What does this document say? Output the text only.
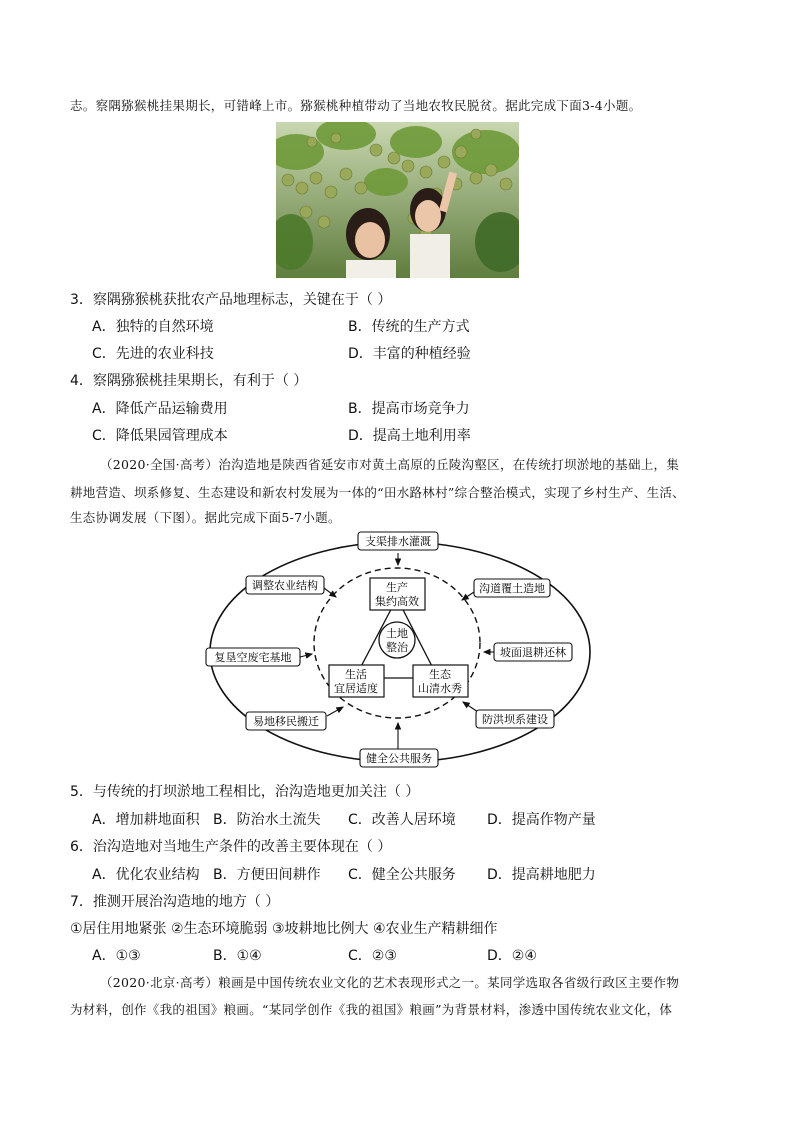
志。察隅猕猴桃挂果期长，可错峰上市。猕猴桃种植带动了当地农牧民脱贫。据此完成下面3-4小题。
3．察隅猕猴桃获批农产品地理标志，关键在于（ ）
A．独特的自然环境	B．传统的生产方式
C．先进的农业科技	D．丰富的种植经验
4．察隅猕猴桃挂果期长，有利于（ ）
A．降低产品运输费用	B．提高市场竞争力
C．降低果园管理成本	D．提高土地利用率
（2020·全国·高考）治沟造地是陕西省延安市对黄土高原的丘陵沟壑区，在传统打坝淤地的基础上，集
耕地营造、坝系修复、生态建设和新农村发展为一体的“田水路林村”综合整治模式，实现了乡村生产、生活、
生态协调发展（下图）。据此完成下面5-7小题。
土地
整治
生产
集约高效
生活
宜居适度
生态
山清水秀
支渠排水灌溉
沟道覆土造地
坡面退耕还林
防洪坝系建设
健全公共服务
易地移民搬迁
复垦空废宅基地
调整农业结构
5．与传统的打坝淤地工程相比，治沟造地更加关注（ ）
A．增加耕地面积 B．防治水土流失 C．改善人居环境 D．提高作物产量
6．治沟造地对当地生产条件的改善主要体现在（ ）
A．优化农业结构 B．方便田间耕作 C．健全公共服务 D．提高耕地肥力
7．推测开展治沟造地的地方（ ）
①居住用地紧张 ②生态环境脆弱 ③坡耕地比例大 ④农业生产精耕细作
A．①③	B．①④	C．②③	D．②④
（2020·北京·高考）粮画是中国传统农业文化的艺术表现形式之一。某同学选取各省级行政区主要作物
为材料，创作《我的祖国》粮画。“某同学创作《我的祖国》粮画”为背景材料，渗透中国传统农业文化，体
